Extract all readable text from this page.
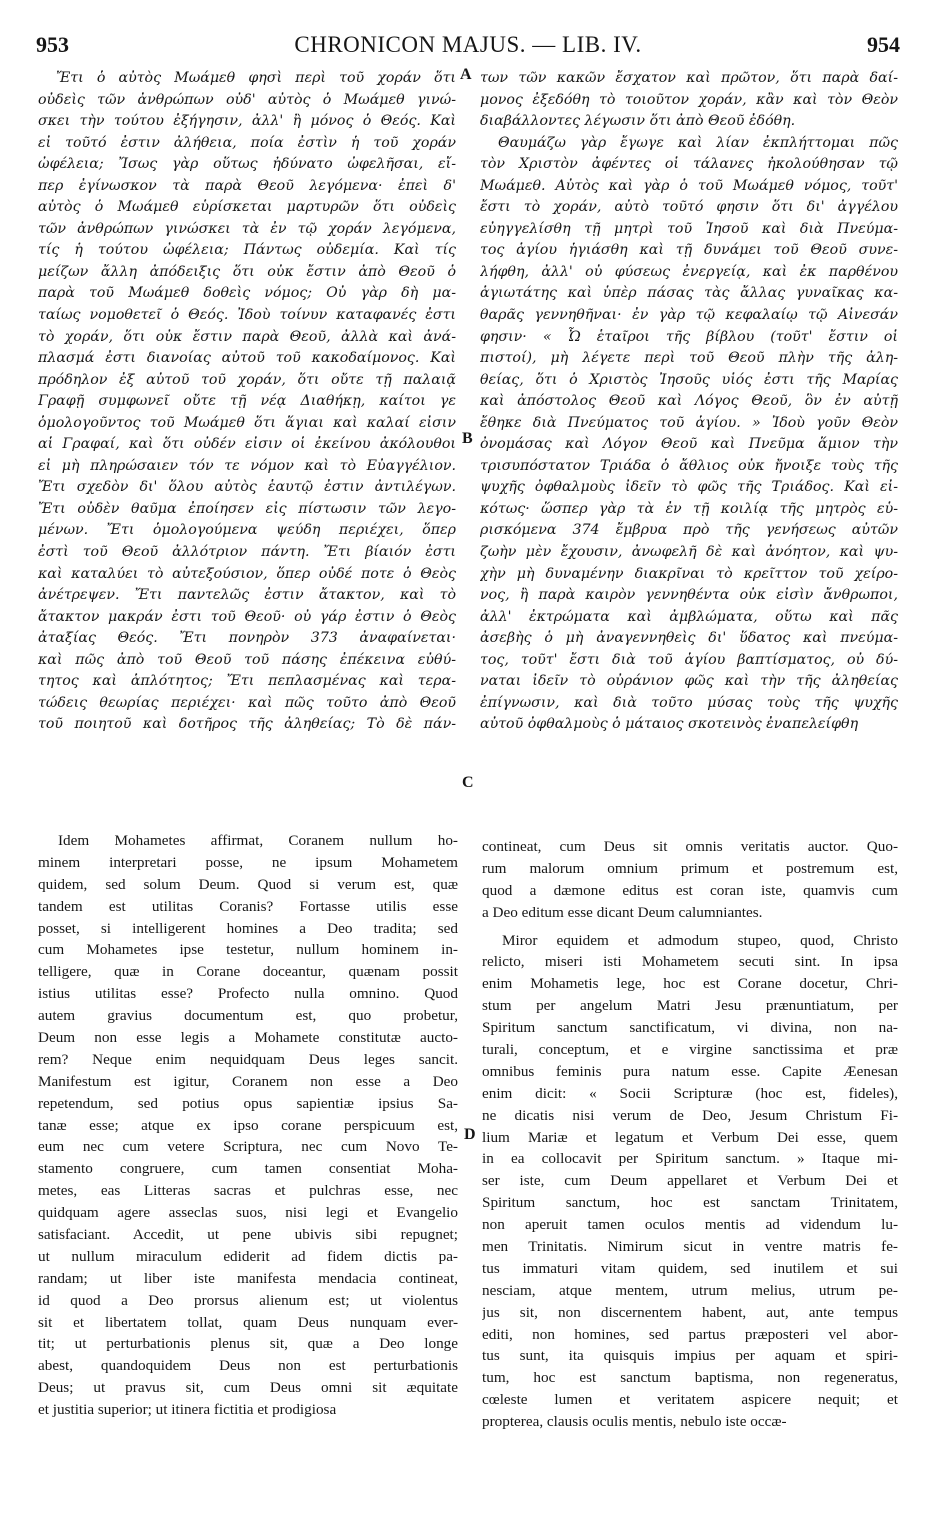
953	CHRONICON MAJUS. — LIB. IV.	954
Ἔτι ὁ αὐτὸς Μωάμεθ φησὶ περὶ τοῦ χοράν ὅτι
οὐδεὶς τῶν ἀνθρώπων οὐδ' αὐτὸς ὁ Μωάμεθ γινώ-
σκει τὴν τούτου ἐξήγησιν, ἀλλ' ἢ μόνος ὁ Θεός. Καὶ
εἰ τοῦτό ἐστιν ἀλήθεια, ποία ἐστὶν ἡ τοῦ χοράν
ὠφέλεια; Ἴσως γὰρ οὕτως ἠδύνατο ὠφελῆσαι, εἴ-
περ ἐγίνωσκον τὰ παρὰ Θεοῦ λεγόμενα· ἐπεὶ δ'
αὐτὸς ὁ Μωάμεθ εὑρίσκεται μαρτυρῶν ὅτι οὐδεὶς
τῶν ἀνθρώπων γινώσκει τὰ ἐν τῷ χοράν λεγόμενα,
τίς ἡ τούτου ὠφέλεια; Πάντως οὐδεμία. Καὶ τίς
μείζων ἄλλη ἀπόδειξις ὅτι οὐκ ἔστιν ἀπὸ Θεοῦ ὁ
παρὰ τοῦ Μωάμεθ δοθεὶς νόμος; Οὐ γὰρ δὴ μα-
ταίως νομοθετεῖ ὁ Θεός. Ἰδοὺ τοίνυν καταφανές ἐστι
τὸ χοράν, ὅτι οὐκ ἔστιν παρὰ Θεοῦ, ἀλλὰ καὶ ἀνά-
πλασμά ἐστι διανοίας αὐτοῦ τοῦ κακοδαίμονος. Καὶ
πρόδηλον ἐξ αὐτοῦ τοῦ χοράν, ὅτι οὔτε τῇ παλαιᾷ
Γραφῇ συμφωνεῖ οὔτε τῇ νέᾳ Διαθήκῃ, καίτοι γε
ὁμολογοῦντος τοῦ Μωάμεθ ὅτι ἅγιαι καὶ καλαί εἰσιν
αἱ Γραφαί, καὶ ὅτι οὐδέν εἰσιν οἱ ἐκείνου ἀκόλουθοι
εἰ μὴ πληρώσαιεν τόν τε νόμον καὶ τὸ Εὐαγγέλιον.
Ἔτι σχεδὸν δι' ὅλου αὐτὸς ἑαυτῷ ἐστιν ἀντιλέγων.
Ἔτι οὐδὲν θαῦμα ἐποίησεν εἰς πίστωσιν τῶν λεγο-
μένων. Ἔτι ὁμολογούμενα ψεύδη περιέχει, ὅπερ
ἐστὶ τοῦ Θεοῦ ἀλλότριον πάντη. Ἔτι βίαιόν ἐστι
καὶ καταλύει τὸ αὐτεξούσιον, ὅπερ οὐδέ ποτε ὁ Θεὸς
ἀνέτρεψεν. Ἔτι παντελῶς ἐστιν ἄτακτον, καὶ τὸ
ἄτακτον μακράν ἐστι τοῦ Θεοῦ· οὐ γάρ ἐστιν ὁ Θεὸς
ἀταξίας Θεός. Ἔτι πονηρὸν 373 ἀναφαίνεται·
καὶ πῶς ἀπὸ τοῦ Θεοῦ τοῦ πάσης ἐπέκεινα εὐθύ-
τητος καὶ ἁπλότητος; Ἔτι πεπλασμένας καὶ τερα-
τώδεις θεωρίας περιέχει· καὶ πῶς τοῦτο ἀπὸ Θεοῦ
τοῦ ποιητοῦ καὶ δοτῆρος τῆς ἀληθείας; Τὸ δὲ πάν-
των τῶν κακῶν ἔσχατον καὶ πρῶτον, ὅτι παρὰ δαί-
μονος ἐξεδόθη τὸ τοιοῦτον χοράν, κἂν καὶ τὸν Θεὸν
διαβάλλοντες λέγωσιν ὅτι ἀπὸ Θεοῦ ἐδόθη.
Θαυμάζω γὰρ ἔγωγε καὶ λίαν ἐκπλήττομαι πῶς
τὸν Χριστὸν ἀφέντες οἱ τάλανες ἠκολούθησαν τῷ
Μωάμεθ. Αὐτὸς καὶ γὰρ ὁ τοῦ Μωάμεθ νόμος, τοῦτ'
ἔστι τὸ χοράν, αὐτὸ τοῦτό φησιν ὅτι δι' ἀγγέλου
εὐηγγελίσθη τῇ μητρὶ τοῦ Ἰησοῦ καὶ διὰ Πνεύμα-
τος ἁγίου ἡγιάσθη καὶ τῇ δυνάμει τοῦ Θεοῦ συνε-
λήφθη, ἀλλ' οὐ φύσεως ἐνεργείᾳ, καὶ ἐκ παρθένου
ἁγιωτάτης καὶ ὑπὲρ πάσας τὰς ἄλλας γυναῖκας κα-
θαρᾶς γεννηθῆναι· ἐν γὰρ τῷ κεφαλαίῳ τῷ Αἰνεσάν
φησιν· « Ὦ ἑταῖροι τῆς βίβλου (τοῦτ' ἔστιν οἱ
πιστοί), μὴ λέγετε περὶ τοῦ Θεοῦ πλὴν τῆς ἀλη-
θείας, ὅτι ὁ Χριστὸς Ἰησοῦς υἱός ἐστι τῆς Μαρίας
καὶ ἀπόστολος Θεοῦ καὶ Λόγος Θεοῦ, ὃν ἐν αὐτῇ
ἔθηκε διὰ Πνεύματος τοῦ ἁγίου. » Ἰδοὺ γοῦν Θεὸν
ὀνομάσας καὶ Λόγον Θεοῦ καὶ Πνεῦμα ἅμιον τὴν
τρισυπόστατον Τριάδα ὁ ἄθλιος οὐκ ἤνοιξε τοὺς τῆς
ψυχῆς ὀφθαλμοὺς ἰδεῖν τὸ φῶς τῆς Τριάδος. Καὶ εἰ-
κότως· ὥσπερ γὰρ τὰ ἐν τῇ κοιλίᾳ τῆς μητρὸς εὑ-
ρισκόμενα 374 ἔμβρυα πρὸ τῆς γενήσεως αὐτῶν
ζωὴν μὲν ἔχουσιν, ἀνωφελῆ δὲ καὶ ἀνόητον, καὶ ψυ-
χὴν μὴ δυναμένην διακρῖναι τὸ κρεῖττον τοῦ χείρο-
νος, ἢ παρὰ καιρὸν γεννηθέντα οὐκ εἰσὶν ἄνθρωποι,
ἀλλ' ἐκτρώματα καὶ ἀμβλώματα, οὕτω καὶ πᾶς
ἀσεβὴς ὁ μὴ ἀναγεννηθεὶς δι' ὕδατος καὶ πνεύμα-
τος, τοῦτ' ἔστι διὰ τοῦ ἁγίου βαπτίσματος, οὐ δύ-
ναται ἰδεῖν τὸ οὐράνιον φῶς καὶ τὴν τῆς ἀληθείας
ἐπίγνωσιν, καὶ διὰ τοῦτο μύσας τοὺς τῆς ψυχῆς
αὐτοῦ ὀφθαλμοὺς ὁ μάταιος σκοτεινὸς ἐναπελείφθη
A
B
C
D
Idem Mohametes affirmat, Coranem nullum ho-
minem interpretari posse, ne ipsum Mohametem
quidem, sed solum Deum. Quod si verum est, quæ
tandem est utilitas Coranis? Fortasse utilis esse
posset, si intelligerent homines a Deo tradita; sed
cum Mohametes ipse testetur, nullum hominem in-
telligere, quæ in Corane doceantur, quænam possit
istius utilitas esse? Profecto nulla omnino. Quod
autem gravius documentum est, quo probetur,
Deum non esse legis a Mohamete constitutæ aucto-
rem? Neque enim nequidquam Deus leges sancit.
Manifestum est igitur, Coranem non esse a Deo
repetendum, sed potius opus sapientiæ ipsius Sa-
tanæ esse; atque ex ipso corane perspicuum est,
eum nec cum vetere Scriptura, nec cum Novo Te-
stamento congruere, cum tamen consentiat Moha-
metes, eas Litteras sacras et pulchras esse, nec
quidquam agere asseclas suos, nisi legi et Evangelio
satisfaciant. Accedit, ut pene ubivis sibi repugnet;
ut nullum miraculum ediderit ad fidem dictis pa-
randam; ut liber iste manifesta mendacia contineat,
id quod a Deo prorsus alienum est; ut violentus
sit et libertatem tollat, quam Deus nunquam ever-
tit; ut perturbationis plenus sit, quæ a Deo longe
abest, quandoquidem Deus non est perturbationis
Deus; ut pravus sit, cum Deus omni sit æquitate
et justitia superior; ut itinera fictitia et prodigiosa
contineat, cum Deus sit omnis veritatis auctor. Quo-
rum malorum omnium primum et postremum est,
quod a dæmone editus est coran iste, quamvis cum
a Deo editum esse dicant Deum calumniantes.
Miror equidem et admodum stupeo, quod, Christo
relicto, miseri isti Mohametem secuti sint. In ipsa
enim Mohametis lege, hoc est Corane docetur, Chri-
stum per angelum Matri Jesu prænuntiatum, per
Spiritum sanctum sanctificatum, vi divina, non na-
turali, conceptum, et e virgine sanctissima et præ
omnibus feminis pura natum esse. Capite Æenesan
enim dicit: « Socii Scripturæ (hoc est, fideles),
ne dicatis nisi verum de Deo, Jesum Christum Fi-
lium Mariæ et legatum et Verbum Dei esse, quem
in ea collocavit per Spiritum sanctum. » Itaque mi-
ser iste, cum Deum appellaret et Verbum Dei et
Spiritum sanctum, hoc est sanctam Trinitatem,
non aperuit tamen oculos mentis ad videndum lu-
men Trinitatis. Nimirum sicut in ventre matris fe-
tus immaturi vitam quidem, sed inutilem et sui
nesciam, atque mentem, utrum melius, utrum pe-
jus sit, non discernentem habent, aut, ante tempus
editi, non homines, sed partus præposteri vel abor-
tus sunt, ita quisquis impius per aquam et spiri-
tum, hoc est sanctum baptisma, non regeneratus,
cœleste lumen et veritatem aspicere nequit; et
propterea, clausis oculis mentis, nebulo iste occæ-
